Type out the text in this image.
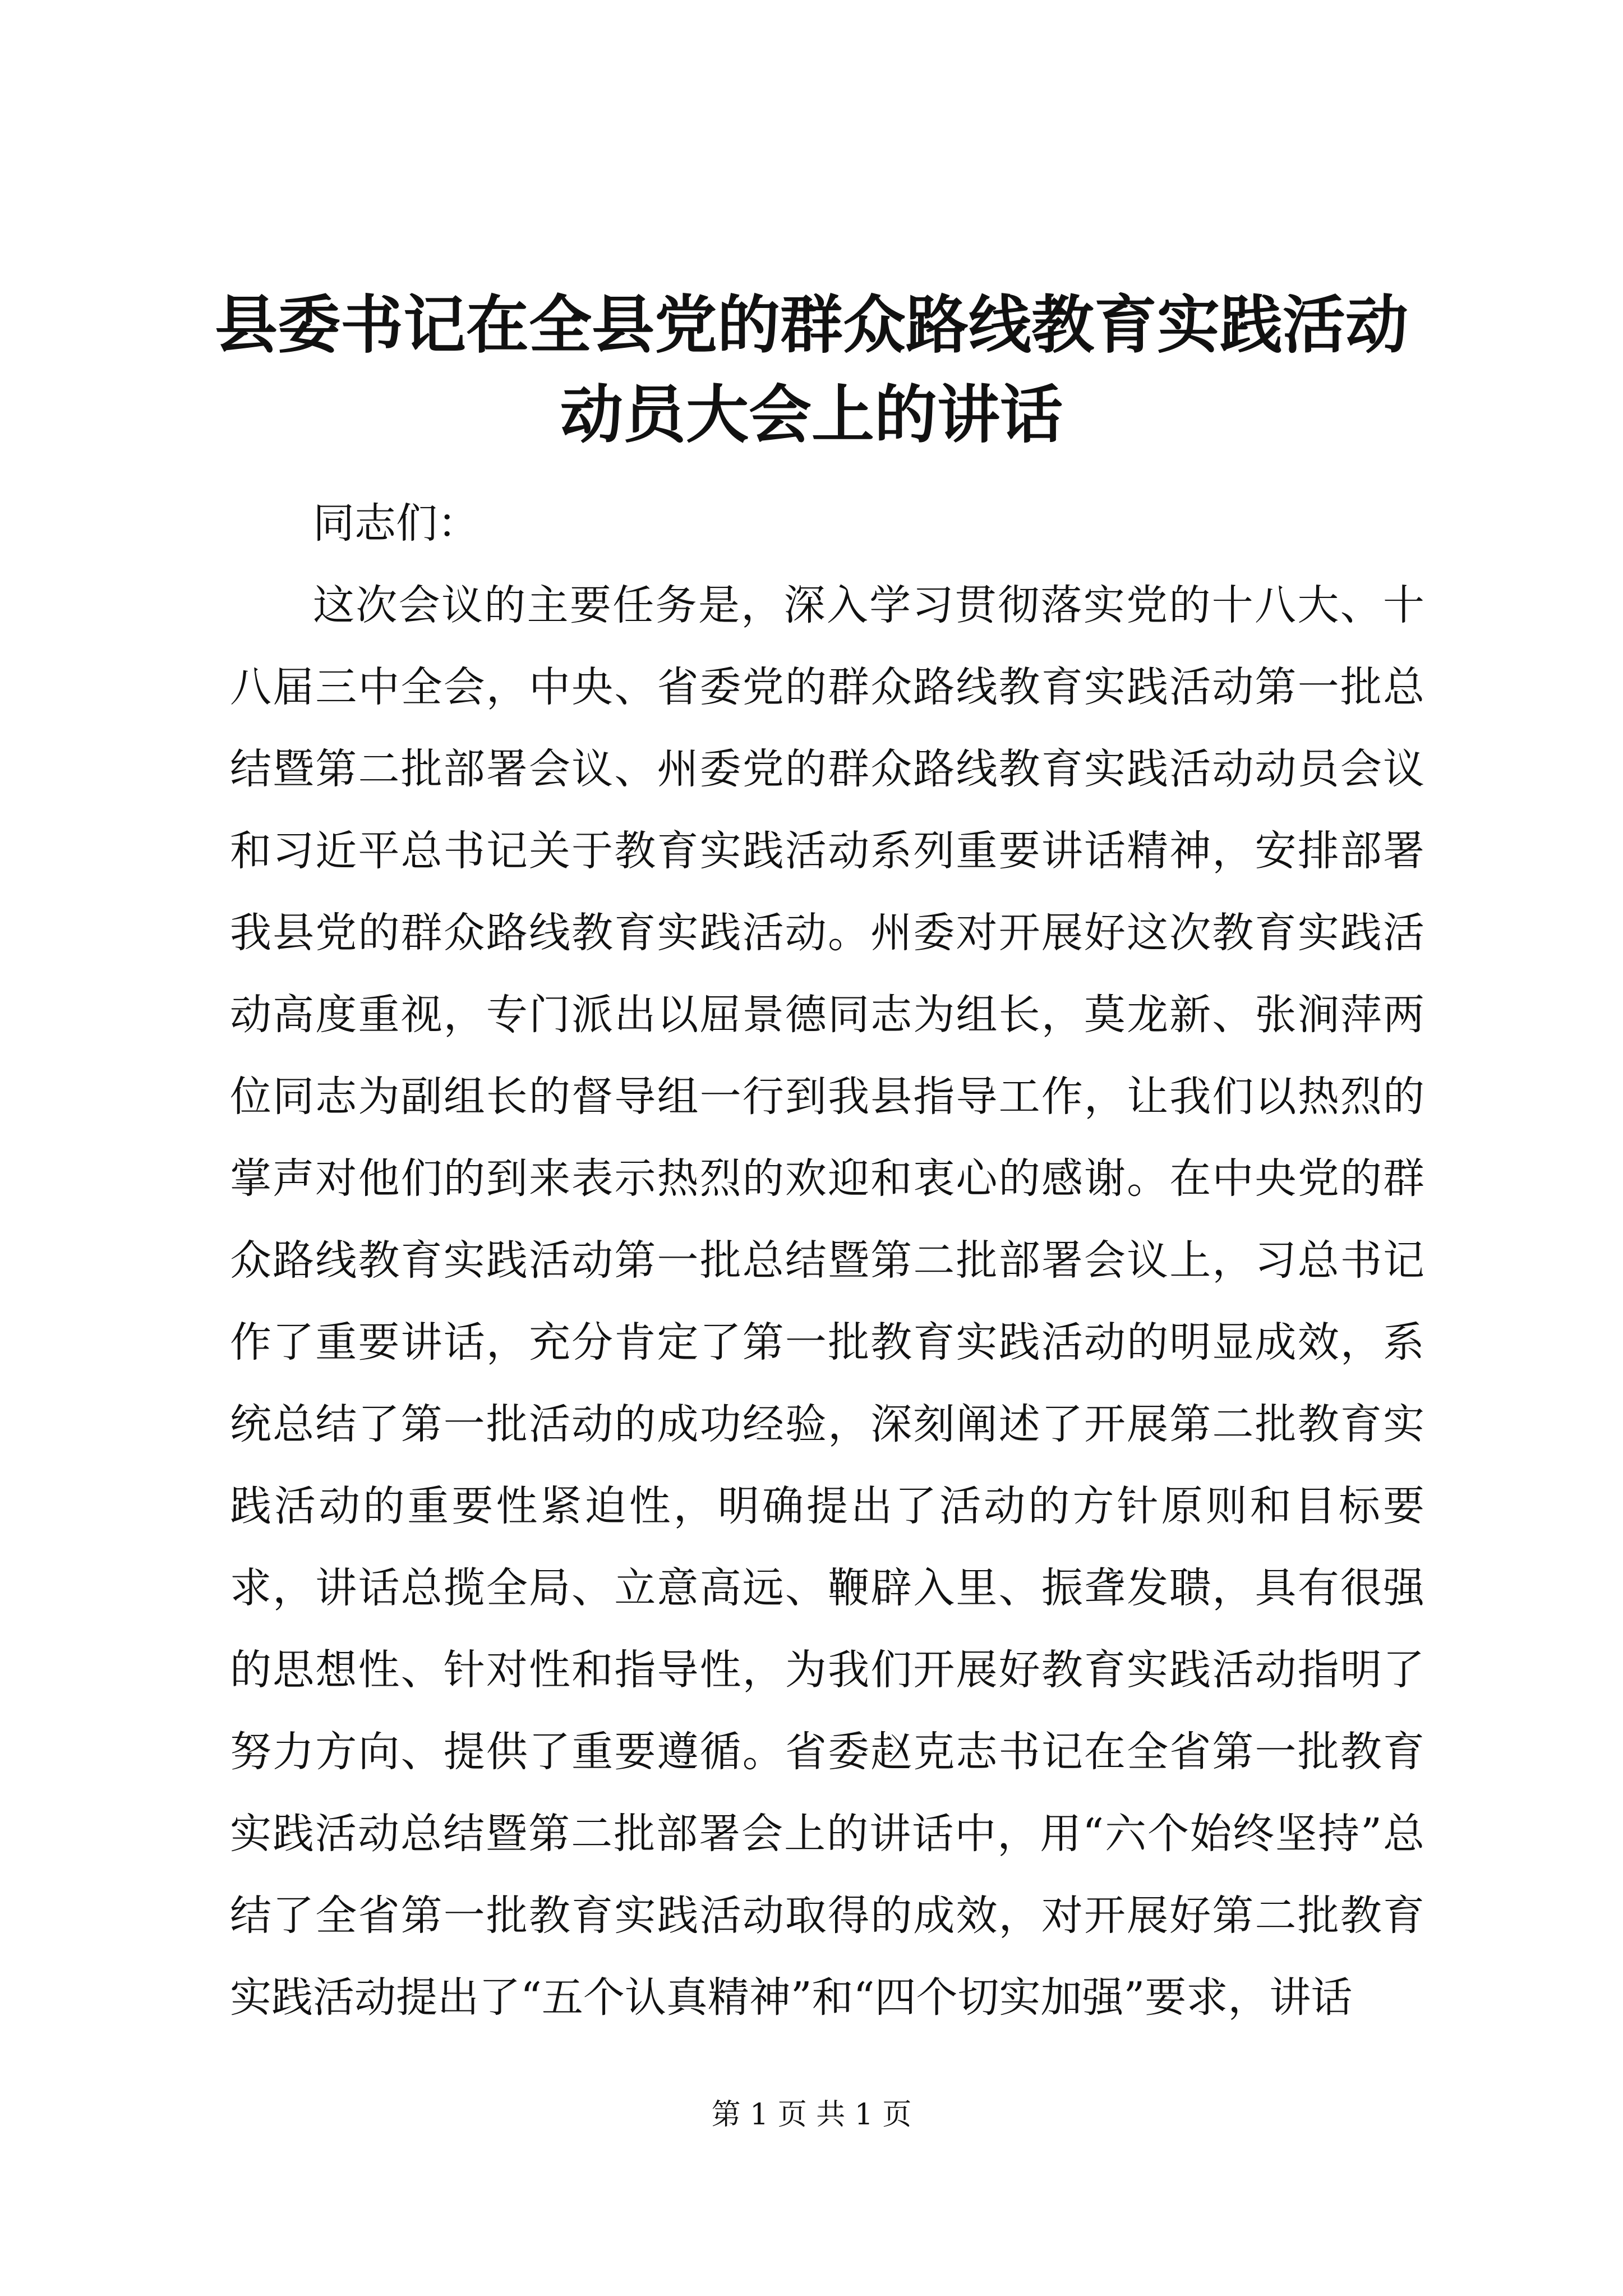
县委书记在全县党的群众路线教育实践活动动员大会上的讲话

同志们：

这次会议的主要任务是，深入学习贯彻落实党的十八大、十八届三中全会，中央、省委党的群众路线教育实践活动第一批总结暨第二批部署会议、州委党的群众路线教育实践活动动员会议和习近平总书记关于教育实践活动系列重要讲话精神，安排部署我县党的群众路线教育实践活动。州委对开展好这次教育实践活动高度重视，专门派出以屈景德同志为组长，莫龙新、张涧萍两位同志为副组长的督导组一行到我县指导工作，让我们以热烈的掌声对他们的到来表示热烈的欢迎和衷心的感谢。在中央党的群众路线教育实践活动第一批总结暨第二批部署会议上，习总书记作了重要讲话，充分肯定了第一批教育实践活动的明显成效，系统总结了第一批活动的成功经验，深刻阐述了开展第二批教育实践活动的重要性紧迫性，明确提出了活动的方针原则和目标要求，讲话总揽全局、立意高远、鞭辟入里、振聋发聩，具有很强的思想性、针对性和指导性，为我们开展好教育实践活动指明了努力方向、提供了重要遵循。省委赵克志书记在全省第一批教育实践活动总结暨第二批部署会上的讲话中，用“六个始终坚持”总结了全省第一批教育实践活动取得的成效，对开展好第二批教育实践活动提出了“五个认真精神”和“四个切实加强”要求，讲话

第 1 页 共 1 页
